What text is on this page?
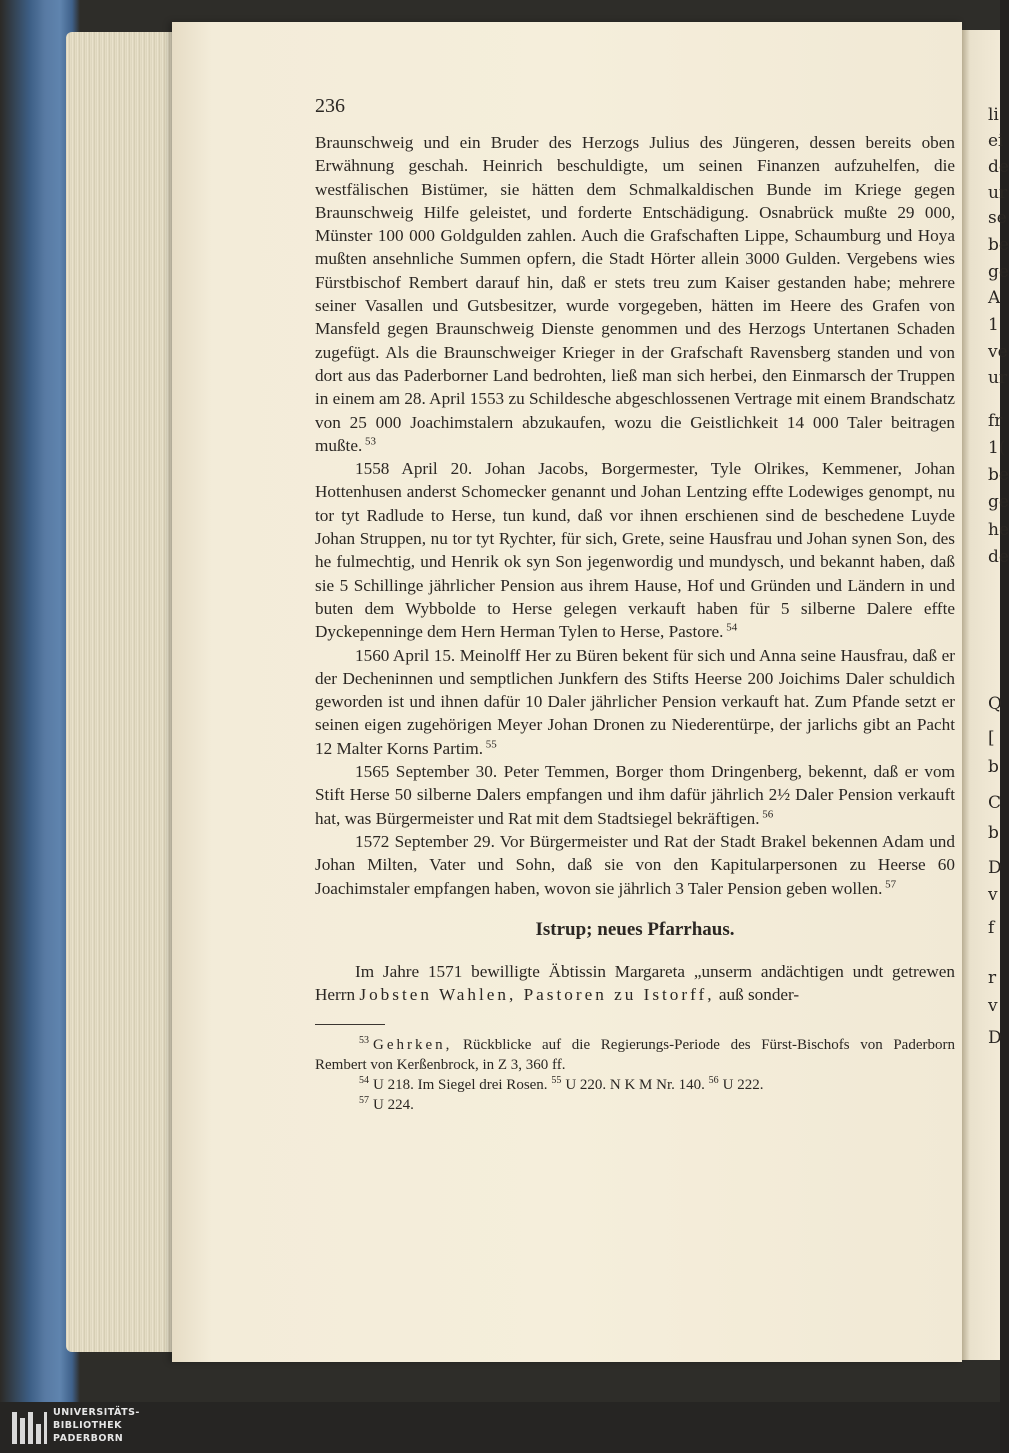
li
ei
de
ur
se
be
ge
A
1
ve
ur
fr
1(
be
ge
he
de
Q
[
b
C
b
D
v
f
r
v
D
236

Braunschweig und ein Bruder des Herzogs Julius des Jüngeren, dessen bereits oben Erwähnung geschah. Heinrich beschuldigte, um seinen Finanzen aufzuhelfen, die westfälischen Bistümer, sie hätten dem Schmalkaldischen Bunde im Kriege gegen Braunschweig Hilfe geleistet, und forderte Entschädigung. Osnabrück mußte 29 000, Münster 100 000 Goldgulden zahlen. Auch die Grafschaften Lippe, Schaumburg und Hoya mußten ansehnliche Summen opfern, die Stadt Hörter allein 3000 Gulden. Vergebens wies Fürstbischof Rembert darauf hin, daß er stets treu zum Kaiser gestanden habe; mehrere seiner Vasallen und Gutsbesitzer, wurde vorgegeben, hätten im Heere des Grafen von Mansfeld gegen Braunschweig Dienste genommen und des Herzogs Untertanen Schaden zugefügt. Als die Braunschweiger Krieger in der Grafschaft Ravensberg standen und von dort aus das Paderborner Land bedrohten, ließ man sich herbei, den Einmarsch der Truppen in einem am 28. April 1553 zu Schildesche abgeschlossenen Vertrage mit einem Brandschatz von 25 000 Joachimstalern abzukaufen, wozu die Geistlichkeit 14 000 Taler beitragen mußte. $^{53}$

1558 April 20. Johan Jacobs, Borgermester, Tyle Olrikes, Kemmener, Johan Hottenhusen anderst Schomecker genannt und Johan Lentzing effte Lodewiges genompt, nu tor tyt Radlude to Herse, tun kund, daß vor ihnen erschienen sind de beschedene Luyde Johan Struppen, nu tor tyt Rychter, für sich, Grete, seine Hausfrau und Johan synen Son, des he fulmechtig, und Henrik ok syn Son jegenwordig und mundysch, und bekannt haben, daß sie 5 Schillinge jährlicher Pension aus ihrem Hause, Hof und Gründen und Ländern in und buten dem Wybbolde to Herse gelegen verkauft haben für 5 silberne Dalere effte Dyckepenninge dem Hern Herman Tylen to Herse, Pastore. $^{54}$

1560 April 15. Meinolff Her zu Büren bekent für sich und Anna seine Hausfrau, daß er der Decheninnen und semptlichen Junkfern des Stifts Heerse 200 Joichims Daler schuldich geworden ist und ihnen dafür 10 Daler jährlicher Pension verkauft hat. Zum Pfande setzt er seinen eigen zugehörigen Meyer Johan Dronen zu Niederentürpe, der jarlichs gibt an Pacht 12 Malter Korns Partim. $^{55}$

1565 September 30. Peter Temmen, Borger thom Dringenberg, bekennt, daß er vom Stift Herse 50 silberne Dalers empfangen und ihm dafür jährlich 2½ Daler Pension verkauft hat, was Bürgermeister und Rat mit dem Stadtsiegel bekräftigen. $^{56}$

1572 September 29. Vor Bürgermeister und Rat der Stadt Brakel bekennen Adam und Johan Milten, Vater und Sohn, daß sie von den Kapitularpersonen zu Heerse 60 Joachimstaler empfangen haben, wovon sie jährlich 3 Taler Pension geben wollen. $^{57}$

Istrup; neues Pfarrhaus.

Im Jahre 1571 bewilligte Äbtissin Margareta „unserm andächtigen undt getrewen Herrn Jobsten Wahlen, Pastoren zu Istorff, auß sonder-

$^{53}$ Gehrken, Rückblicke auf die Regierungs-Periode des Fürst-Bischofs von Paderborn Rembert von Kerßenbrock, in Z 3, 360 ff.

$^{54}$ U 218. Im Siegel drei Rosen. $^{55}$ U 220. N K M Nr. 140. $^{56}$ U 222.

$^{57}$ U 224.

UNIVERSITÄTS-
BIBLIOTHEK
PADERBORN
